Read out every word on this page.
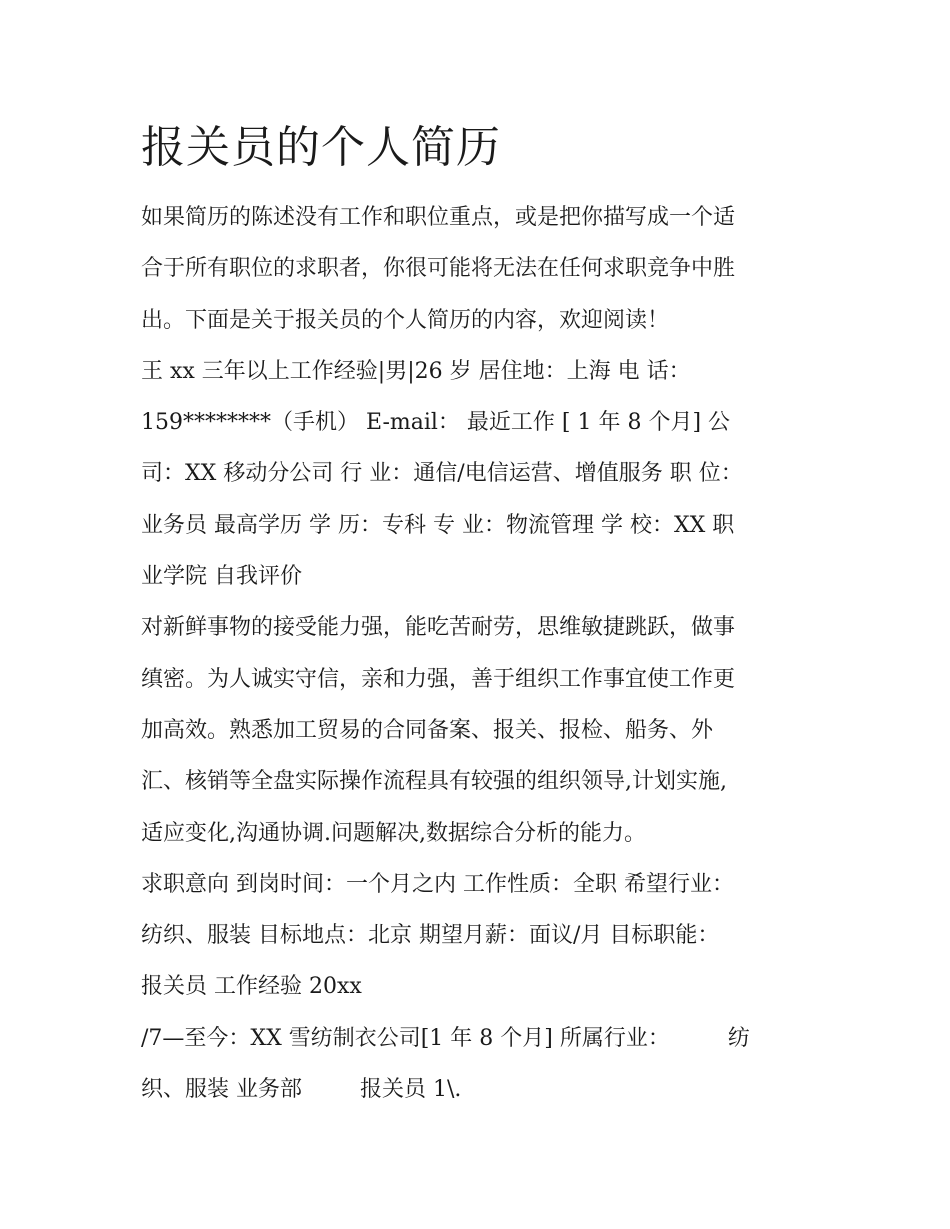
报关员的个人简历
如果简历的陈述没有工作和职位重点，或是把你描写成一个适
合于所有职位的求职者，你很可能将无法在任何求职竞争中胜
出。下面是关于报关员的个人简历的内容，欢迎阅读！
王 xx 三年以上工作经验|男|26 岁 居住地：上海 电 话：
159********（手机） E-mail： 最近工作 [ 1 年 8 个月] 公
司：XX 移动分公司 行 业：通信/电信运营、增值服务 职 位：
业务员 最高学历 学 历：专科 专 业：物流管理 学 校：XX 职
业学院 自我评价
对新鲜事物的接受能力强，能吃苦耐劳，思维敏捷跳跃，做事
缜密。为人诚实守信，亲和力强，善于组织工作事宜使工作更
加高效。熟悉加工贸易的合同备案、报关、报检、船务、外
汇、核销等全盘实际操作流程具有较强的组织领导,计划实施,
适应变化,沟通协调.问题解决,数据综合分析的能力。
求职意向 到岗时间：一个月之内 工作性质：全职 希望行业：
纺织、服装 目标地点：北京 期望月薪：面议/月 目标职能：
报关员 工作经验 20xx
/7—至今：XX 雪纺制衣公司[1 年 8 个月] 所属行业：	纺
织、服装 业务部	报关员 1\.
